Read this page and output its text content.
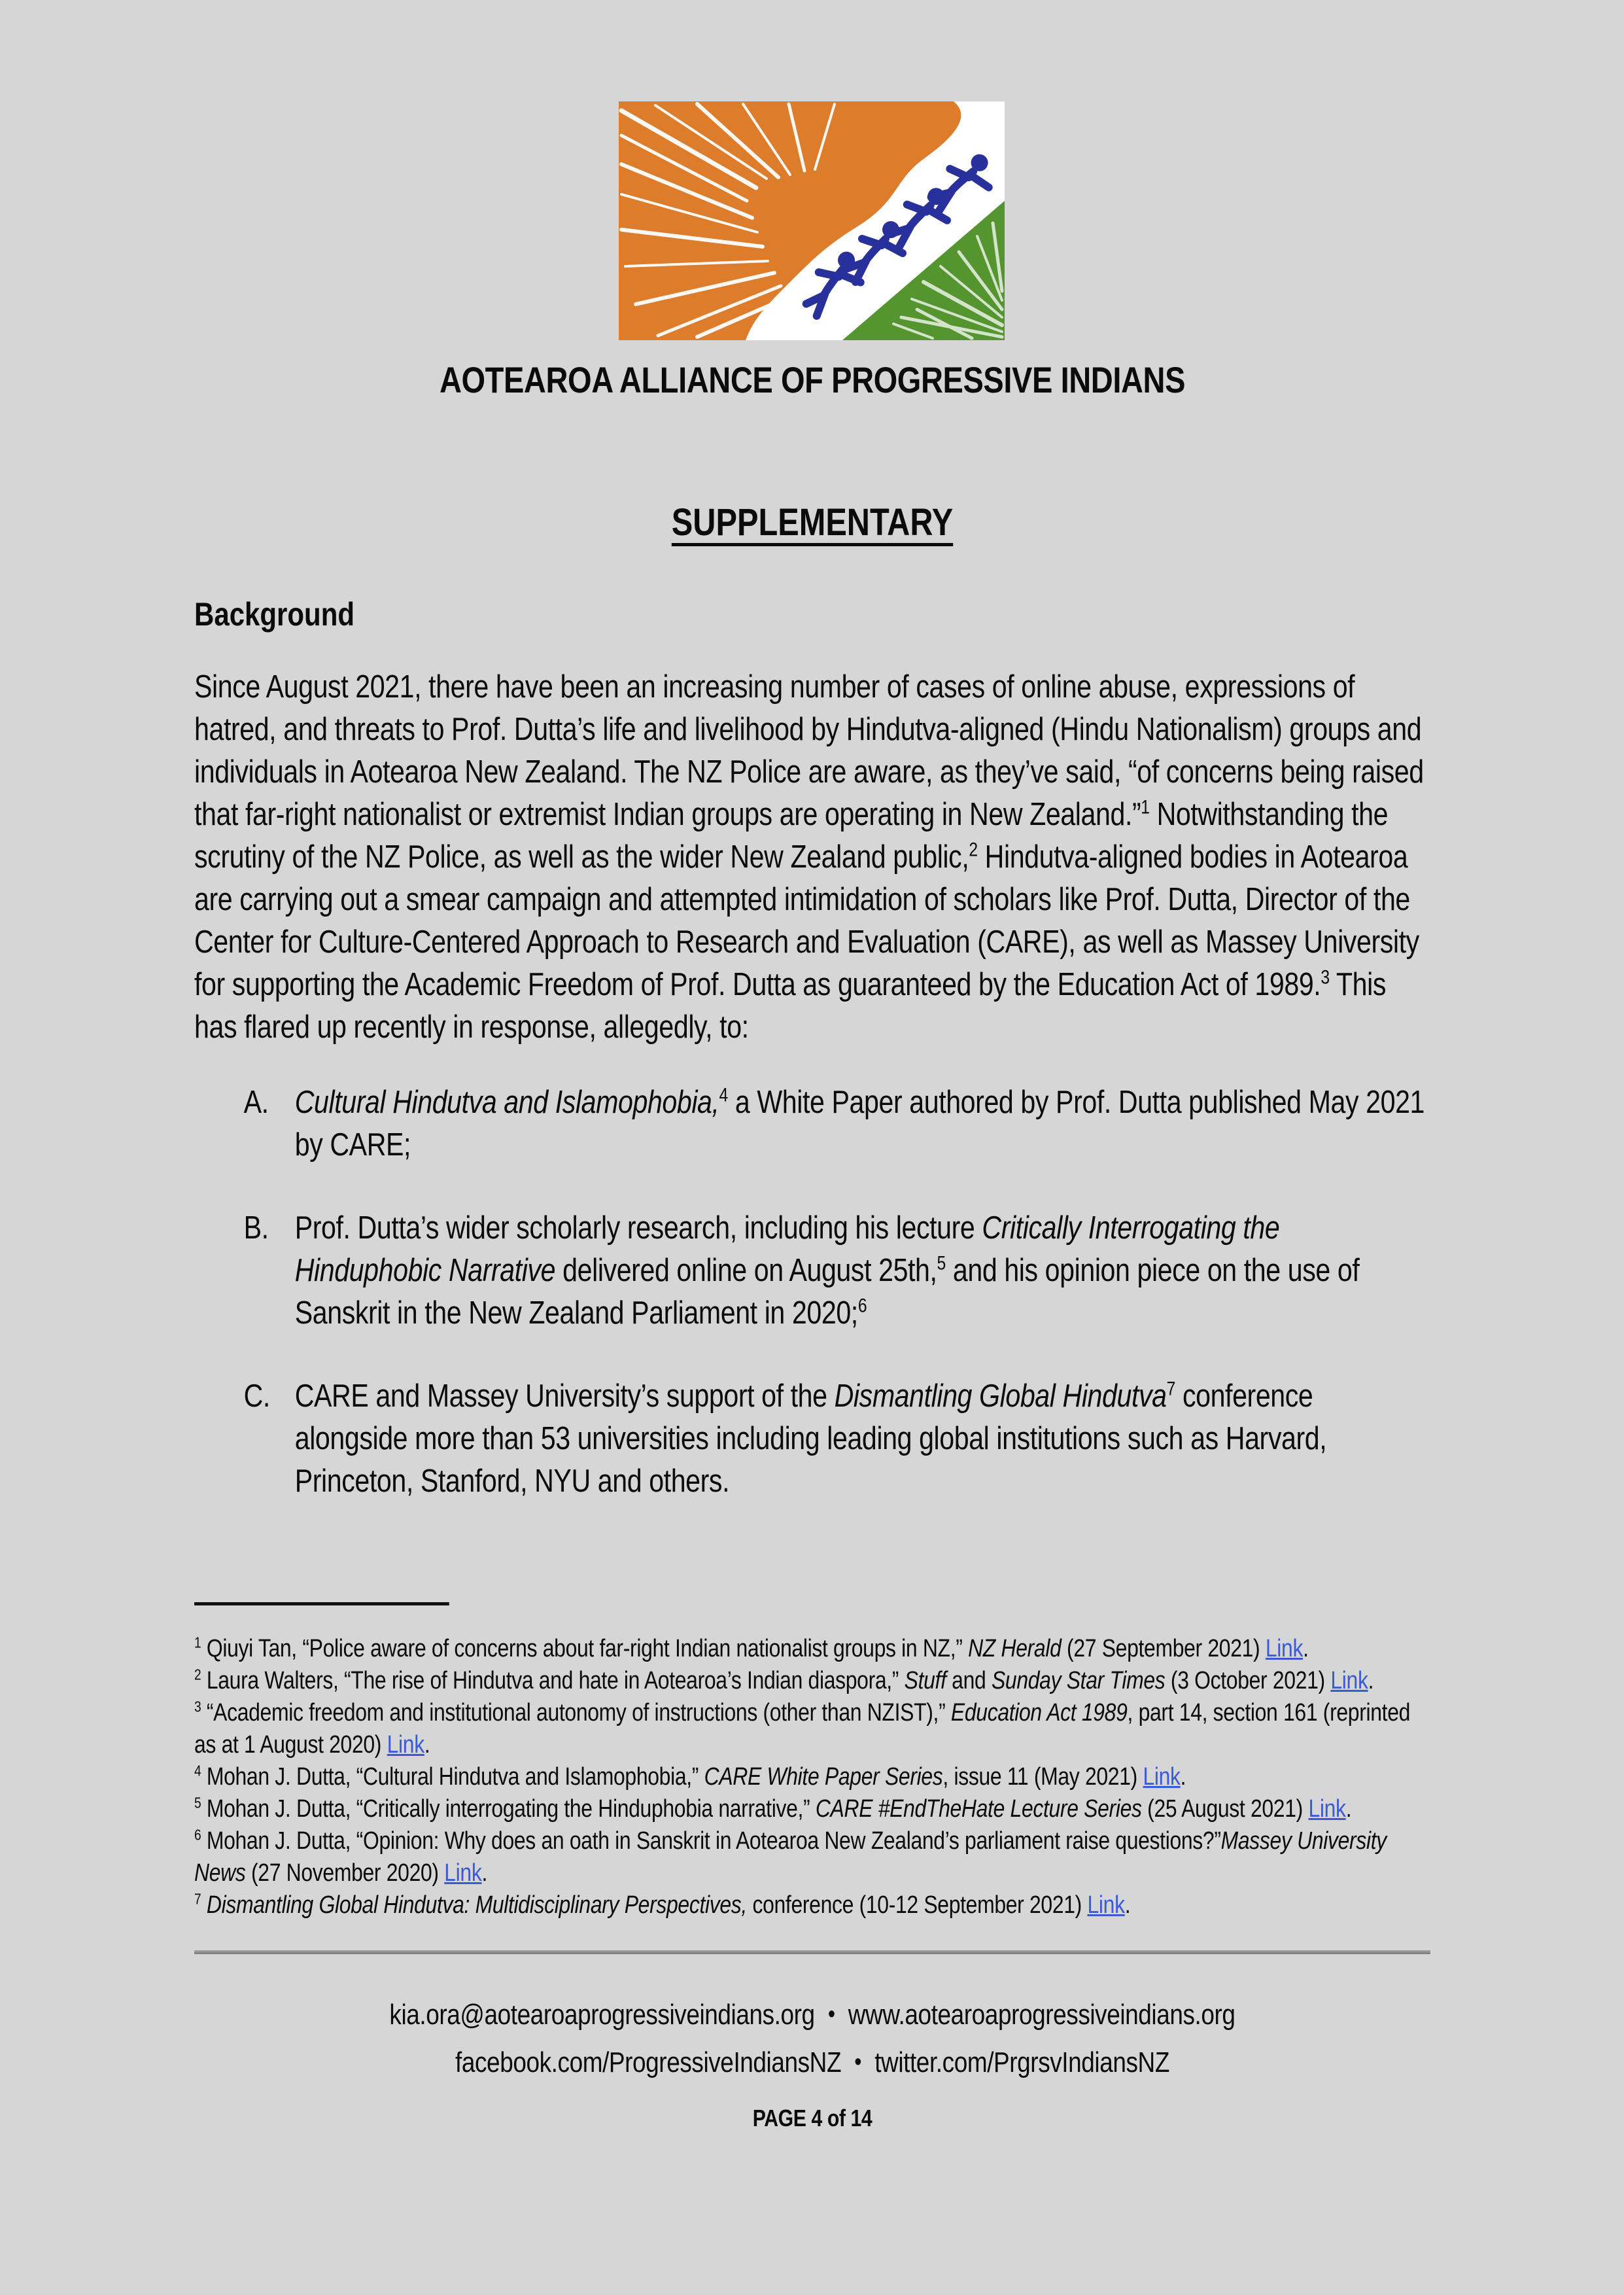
AOTEAROA ALLIANCE OF PROGRESSIVE INDIANS
SUPPLEMENTARY
Background
Since August 2021, there have been an increasing number of cases of online abuse, expressions of hatred, and threats to Prof. Dutta’s life and livelihood by Hindutva-aligned (Hindu Nationalism) groups and individuals in Aotearoa New Zealand. The NZ Police are aware, as they’ve said, “of concerns being raised that far-right nationalist or extremist Indian groups are operating in New Zealand.”$^1$ Notwithstanding the scrutiny of the NZ Police, as well as the wider New Zealand public,$^2$ Hindutva-aligned bodies in Aotearoa are carrying out a smear campaign and attempted intimidation of scholars like Prof. Dutta, Director of the Center for Culture-Centered Approach to Research and Evaluation (CARE), as well as Massey University for supporting the Academic Freedom of Prof. Dutta as guaranteed by the Education Act of 1989.$^3$ This has flared up recently in response, allegedly, to:
A. Cultural Hindutva and Islamophobia,$^4$ a White Paper authored by Prof. Dutta published May 2021 by CARE;
B. Prof. Dutta’s wider scholarly research, including his lecture Critically Interrogating the Hinduphobic Narrative delivered online on August 25th,$^5$ and his opinion piece on the use of Sanskrit in the New Zealand Parliament in 2020;$^6$
C. CARE and Massey University’s support of the Dismantling Global Hindutva$^7$ conference alongside more than 53 universities including leading global institutions such as Harvard, Princeton, Stanford, NYU and others.
$^1$ Qiuyi Tan, “Police aware of concerns about far-right Indian nationalist groups in NZ,” NZ Herald (27 September 2021) Link.
$^2$ Laura Walters, “The rise of Hindutva and hate in Aotearoa’s Indian diaspora,” Stuff and Sunday Star Times (3 October 2021) Link.
$^3$ “Academic freedom and institutional autonomy of instructions (other than NZIST),” Education Act 1989, part 14, section 161 (reprinted as at 1 August 2020) Link.
$^4$ Mohan J. Dutta, “Cultural Hindutva and Islamophobia,” CARE White Paper Series, issue 11 (May 2021) Link.
$^5$ Mohan J. Dutta, “Critically interrogating the Hinduphobia narrative,” CARE #EndTheHate Lecture Series (25 August 2021) Link.
$^6$ Mohan J. Dutta, “Opinion: Why does an oath in Sanskrit in Aotearoa New Zealand’s parliament raise questions?”Massey University News (27 November 2020) Link.
$^7$ Dismantling Global Hindutva: Multidisciplinary Perspectives, conference (10-12 September 2021) Link.
kia.ora@aotearoaprogressiveindians.org • www.aotearoaprogressiveindians.org
facebook.com/ProgressiveIndiansNZ • twitter.com/PrgrsvIndiansNZ
PAGE 4 of 14
